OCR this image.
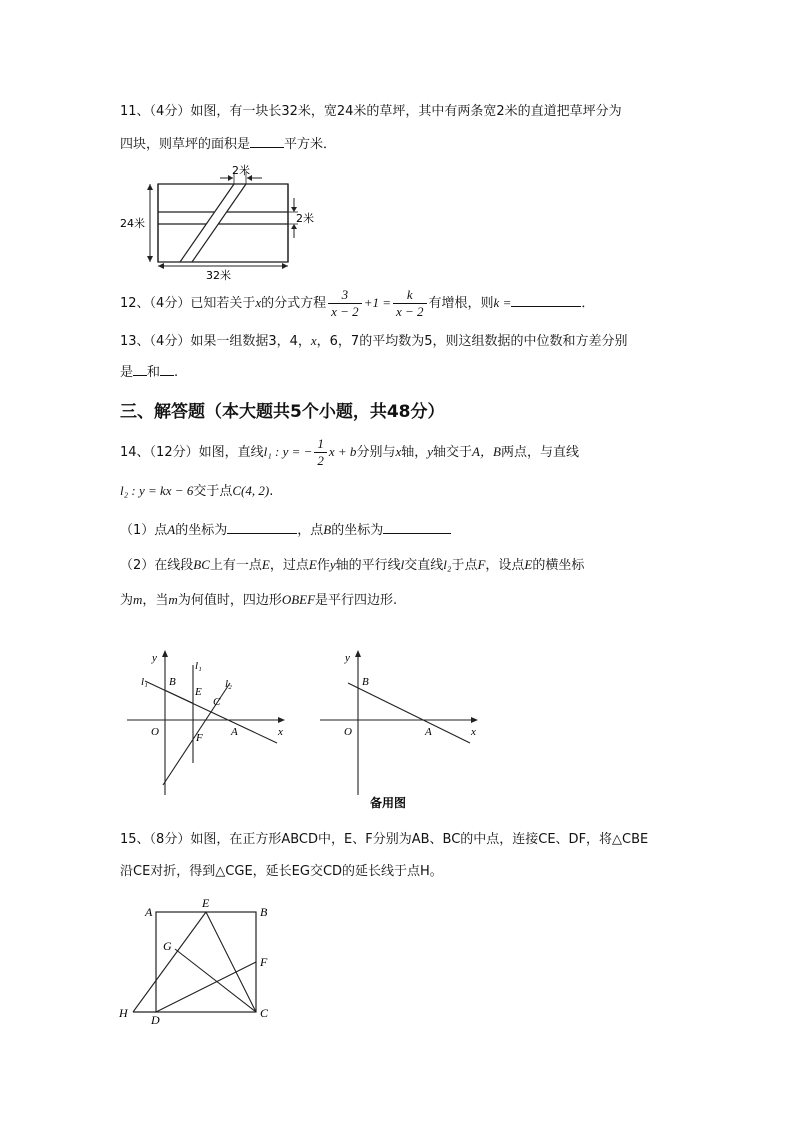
11、（4分）如图，有一块长32米，宽24米的草坪，其中有两条宽2米的直道把草坪分为
四块，则草坪的面积是	平方米．
2米
2米
24米
32米
12、（4分）已知若关于x的分式方程 $\frac{3}{x - 2} +1 = \frac{k}{x - 2}$ 有增根，则k =	．
13、（4分）如果一组数据3，4，x，6，7的平均数为5，则这组数据的中位数和方差分别
是 和 .
三、解答题（本大题共5个小题，共48分）
14、（12分）如图，直线l₁ : y = − $\frac{1}{2}$ x + b分别与x轴，y轴交于A，B两点，与直线
l₂ : y = kx − 6交于点C(4, 2).
（1）点A的坐标为	，点B的坐标为
（2）在线段BC上有一点E，过点E作y轴的平行线l交直线l₂于点F，设点E的横坐标
为m，当m为何值时，四边形OBEF是平行四边形.
y
l₁
l₁
l₂
B
E
C
O	F	A	x
y
B
O	A	x
备用图
15、（8分）如图，在正方形ABCD中，E、F分别为AB、BC的中点，连接CE、DF，将△CBE
沿CE对折，得到△CGE，延长EG交CD的延长线于点H。
A
E
B
G
F
H D	C
